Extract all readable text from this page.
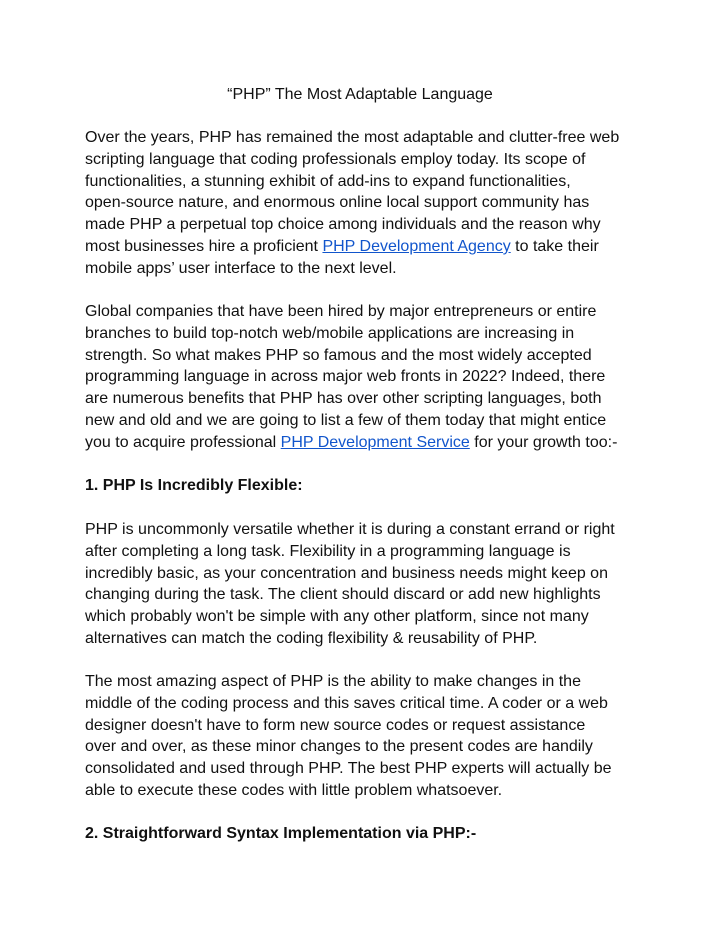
“PHP” The Most Adaptable Language

Over the years, PHP has remained the most adaptable and clutter-free web
scripting language that coding professionals employ today. Its scope of
functionalities, a stunning exhibit of add-ins to expand functionalities,
open-source nature, and enormous online local support community has
made PHP a perpetual top choice among individuals and the reason why
most businesses hire a proficient PHP Development Agency to take their
mobile apps’ user interface to the next level.

Global companies that have been hired by major entrepreneurs or entire
branches to build top-notch web/mobile applications are increasing in
strength. So what makes PHP so famous and the most widely accepted
programming language in across major web fronts in 2022? Indeed, there
are numerous benefits that PHP has over other scripting languages, both
new and old and we are going to list a few of them today that might entice
you to acquire professional PHP Development Service for your growth too:-

1. PHP Is Incredibly Flexible:

PHP is uncommonly versatile whether it is during a constant errand or right
after completing a long task. Flexibility in a programming language is
incredibly basic, as your concentration and business needs might keep on
changing during the task. The client should discard or add new highlights
which probably won't be simple with any other platform, since not many
alternatives can match the coding flexibility & reusability of PHP.

The most amazing aspect of PHP is the ability to make changes in the
middle of the coding process and this saves critical time. A coder or a web
designer doesn't have to form new source codes or request assistance
over and over, as these minor changes to the present codes are handily
consolidated and used through PHP. The best PHP experts will actually be
able to execute these codes with little problem whatsoever.

2. Straightforward Syntax Implementation via PHP:-
